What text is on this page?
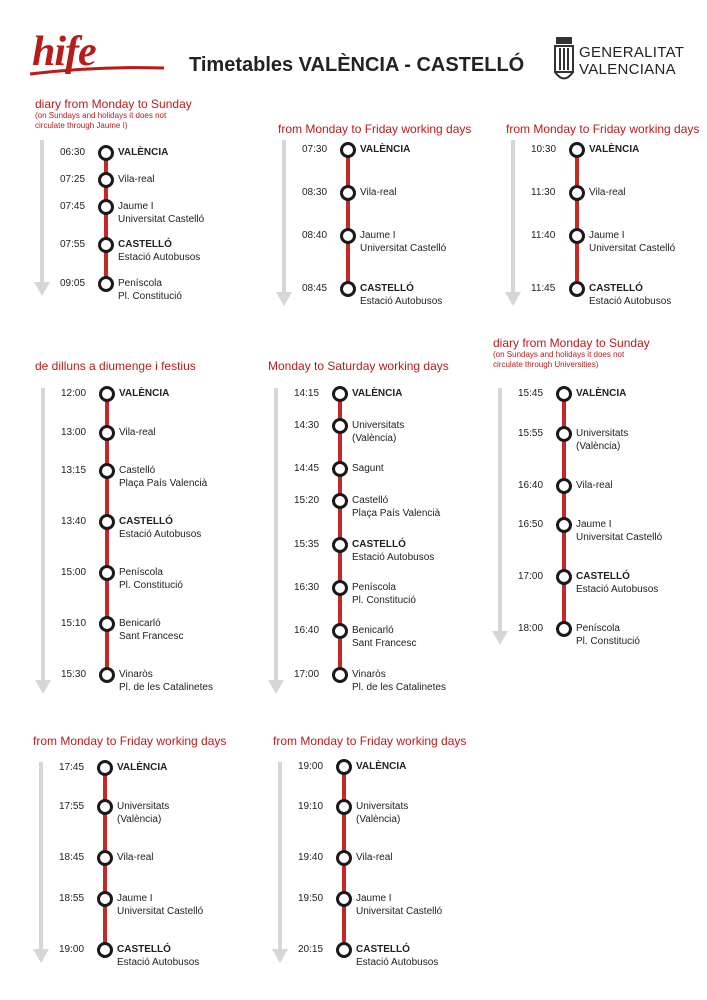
hife	Timetables VALÈNCIA - CASTELLÓ
GENERALITAT
VALENCIANA
diary from Monday to Sunday
(on Sundays and holidays it does not
circulate through Jaume I)
06:30	VALÈNCIA
07:25	Vila-real
07:45	Jaume I
Universitat Castelló
07:55	CASTELLÓ
Estació Autobusos
09:05	Peníscola
Pl. Constitució
from Monday to Friday working days
07:30	VALÈNCIA
08:30	Vila-real
08:40	Jaume I
Universitat Castelló
08:45	CASTELLÓ
Estació Autobusos
from Monday to Friday working days
10:30	VALÈNCIA
11:30	Vila-real
11:40	Jaume I
Universitat Castelló
11:45	CASTELLÓ
Estació Autobusos
de dilluns a diumenge i festius
12:00	VALÈNCIA
13:00	Vila-real
13:15	Castelló
Plaça País Valencià
13:40	CASTELLÓ
Estació Autobusos
15:00	Peníscola
Pl. Constitució
15:10	Benicarló
Sant Francesc
15:30	Vinaròs
Pl. de les Catalinetes
Monday to Saturday working days
14:15	VALÈNCIA
14:30	Universitats
(València)
14:45	Sagunt
15:20	Castelló
Plaça País Valencià
15:35	CASTELLÓ
Estació Autobusos
16:30	Peníscola
Pl. Constitució
16:40	Benicarló
Sant Francesc
17:00	Vinaròs
Pl. de les Catalinetes
diary from Monday to Sunday
(on Sundays and holidays it does not
circulate through Universities)
15:45	VALÈNCIA
15:55	Universitats
(València)
16:40	Vila-real
16:50	Jaume I
Universitat Castelló
17:00	CASTELLÓ
Estació Autobusos
18:00	Peníscola
Pl. Constitució
from Monday to Friday working days
17:45	VALÈNCIA
17:55	Universitats
(València)
18:45	Vila-real
18:55	Jaume I
Universitat Castelló
19:00	CASTELLÓ
Estació Autobusos
from Monday to Friday working days
19:00	VALÈNCIA
19:10	Universitats
(València)
19:40	Vila-real
19:50	Jaume I
Universitat Castelló
20:15	CASTELLÓ
Estació Autobusos
